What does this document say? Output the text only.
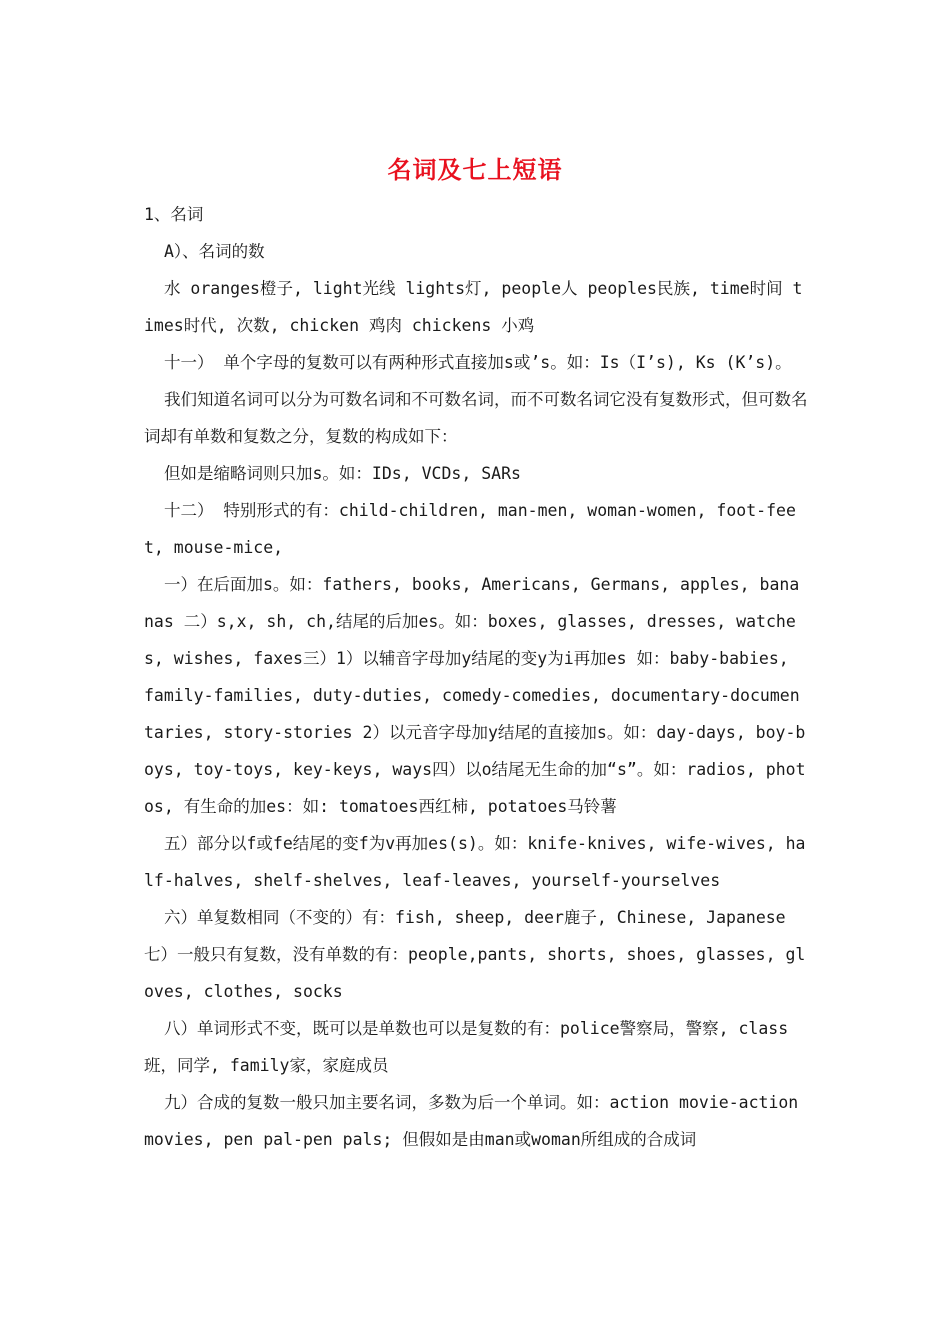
名词及七上短语

1、名词

A）、名词的数

水 oranges橙子, light光线 lights灯, people人 peoples民族, time时间 times时代, 次数, chicken 鸡肉 chickens 小鸡

十一） 单个字母的复数可以有两种形式直接加s或’s。如：Is（I’s), Ks (K’s)。

我们知道名词可以分为可数名词和不可数名词，而不可数名词它没有复数形式，但可数名词却有单数和复数之分，复数的构成如下：

但如是缩略词则只加s。如：IDs, VCDs, SARs

十二） 特别形式的有：child-children, man-men, woman-women, foot-feet, mouse-mice,

一）在后面加s。如：fathers, books, Americans, Germans, apples, bananas 二）s,x, sh, ch,结尾的后加es。如：boxes, glasses, dresses, watches, wishes, faxes三）1）以辅音字母加y结尾的变y为i再加es 如：baby-babies, family-families, duty-duties, comedy-comedies, documentary-documentaries, story-stories 2）以元音字母加y结尾的直接加s。如：day-days, boy-boys, toy-toys, key-keys, ways四）以o结尾无生命的加“s”。如：radios, photos, 有生命的加es：如: tomatoes西红柿, potatoes马铃薯

五）部分以f或fe结尾的变f为v再加es(s)。如：knife-knives, wife-wives, half-halves, shelf-shelves, leaf-leaves, yourself-yourselves

六）单复数相同（不变的）有：fish, sheep, deer鹿子, Chinese, Japanese 七）一般只有复数，没有单数的有：people,pants, shorts, shoes, glasses, gloves, clothes, socks

八）单词形式不变，既可以是单数也可以是复数的有：police警察局，警察, class班，同学, family家，家庭成员

九）合成的复数一般只加主要名词，多数为后一个单词。如：action movie-action movies, pen pal-pen pals; 但假如是由man或woman所组成的合成词
